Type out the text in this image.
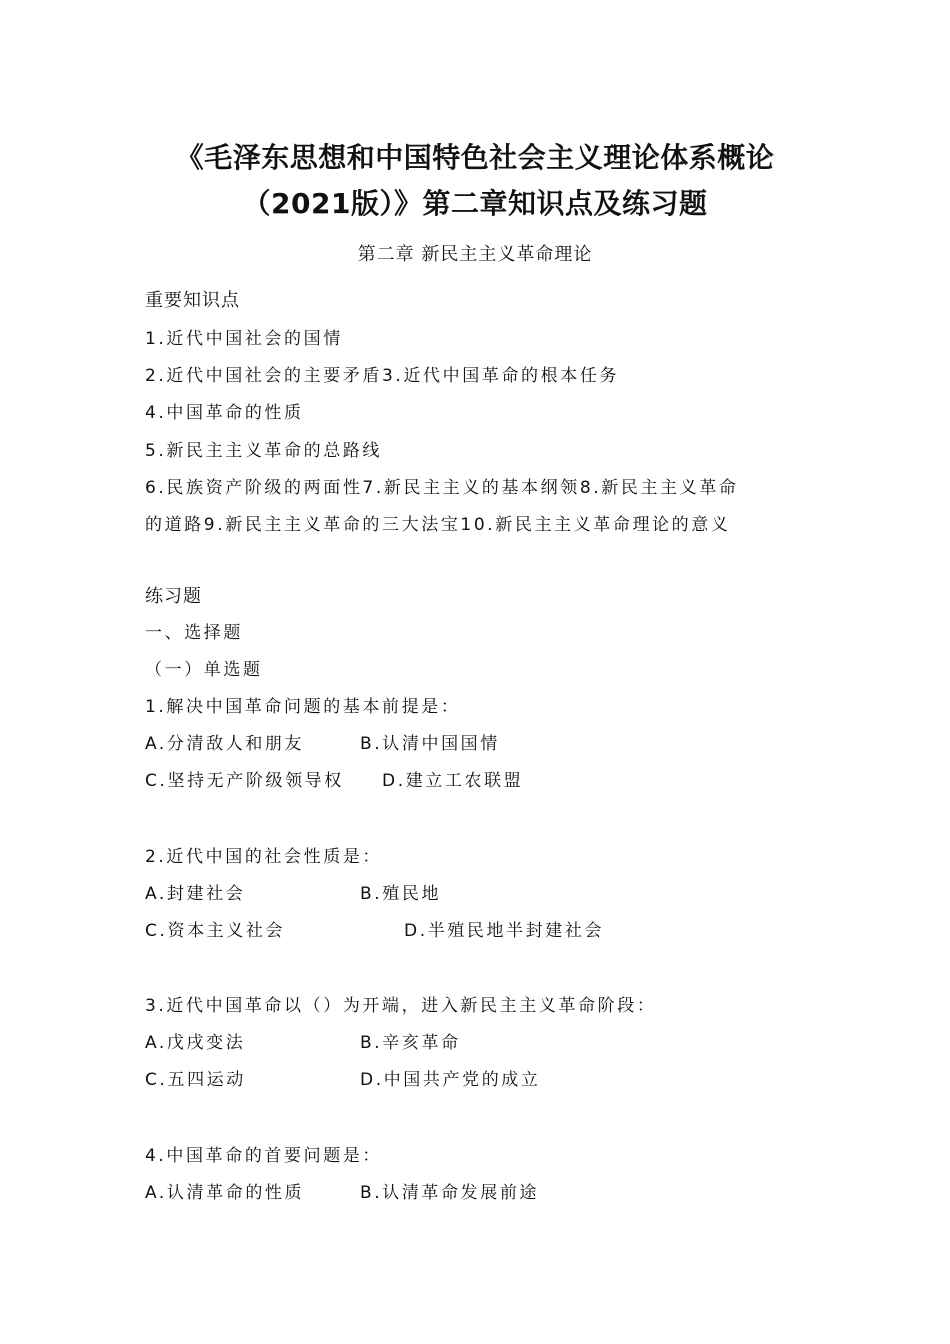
《毛泽东思想和中国特色社会主义理论体系概论
（2021版）》第二章知识点及练习题
第二章 新民主主义革命理论
重要知识点
1.近代中国社会的国情
2.近代中国社会的主要矛盾3.近代中国革命的根本任务
4.中国革命的性质
5.新民主主义革命的总路线
6.民族资产阶级的两面性7.新民主主义的基本纲领8.新民主主义革命
的道路9.新民主主义革命的三大法宝10.新民主主义革命理论的意义
练习题
一、选择题
（一）单选题
1.解决中国革命问题的基本前提是：
A.分清敌人和朋友	B.认清中国国情
C.坚持无产阶级领导权 D.建立工农联盟
2.近代中国的社会性质是：
A.封建社会	B.殖民地
C.资本主义社会	D.半殖民地半封建社会
3.近代中国革命以（）为开端，进入新民主主义革命阶段：
A.戊戌变法	B.辛亥革命
C.五四运动	D.中国共产党的成立
4.中国革命的首要问题是：
A.认清革命的性质	B.认清革命发展前途
